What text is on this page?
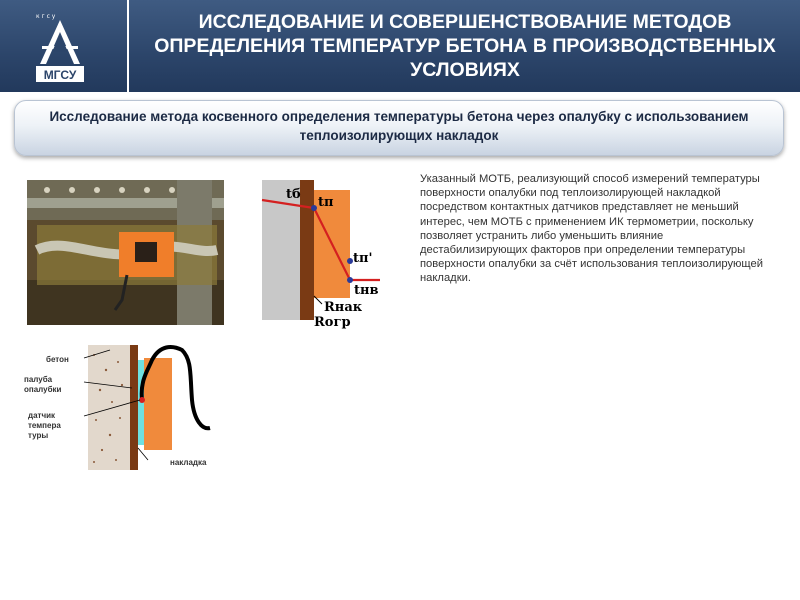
к г с у
МГСУ
ИССЛЕДОВАНИЕ И СОВЕРШЕНСТВОВАНИЕ МЕТОДОВ ОПРЕДЕЛЕНИЯ ТЕМПЕРАТУР БЕТОНА В ПРОИЗВОДСТВЕННЫХ УСЛОВИЯХ
Исследование метода косвенного определения температуры бетона через опалубку с использованием теплоизолирующих накладок
Указанный МОТБ, реализующий способ измерений температуры поверхности опалубки под теплоизолирующей накладкой посредством контактных датчиков представляет не меньший интерес, чем МОТБ с применением ИК термометрии, поскольку позволяет устранить либо уменьшить влияние дестабилизирующих факторов при определении температуры поверхности опалубки за счёт использования теплоизолирующей накладки.
tб
tп
tп'
tнв
Rнак
Rогр
бетон
палуба
опалубки
датчик
темпера
туры
накладка
